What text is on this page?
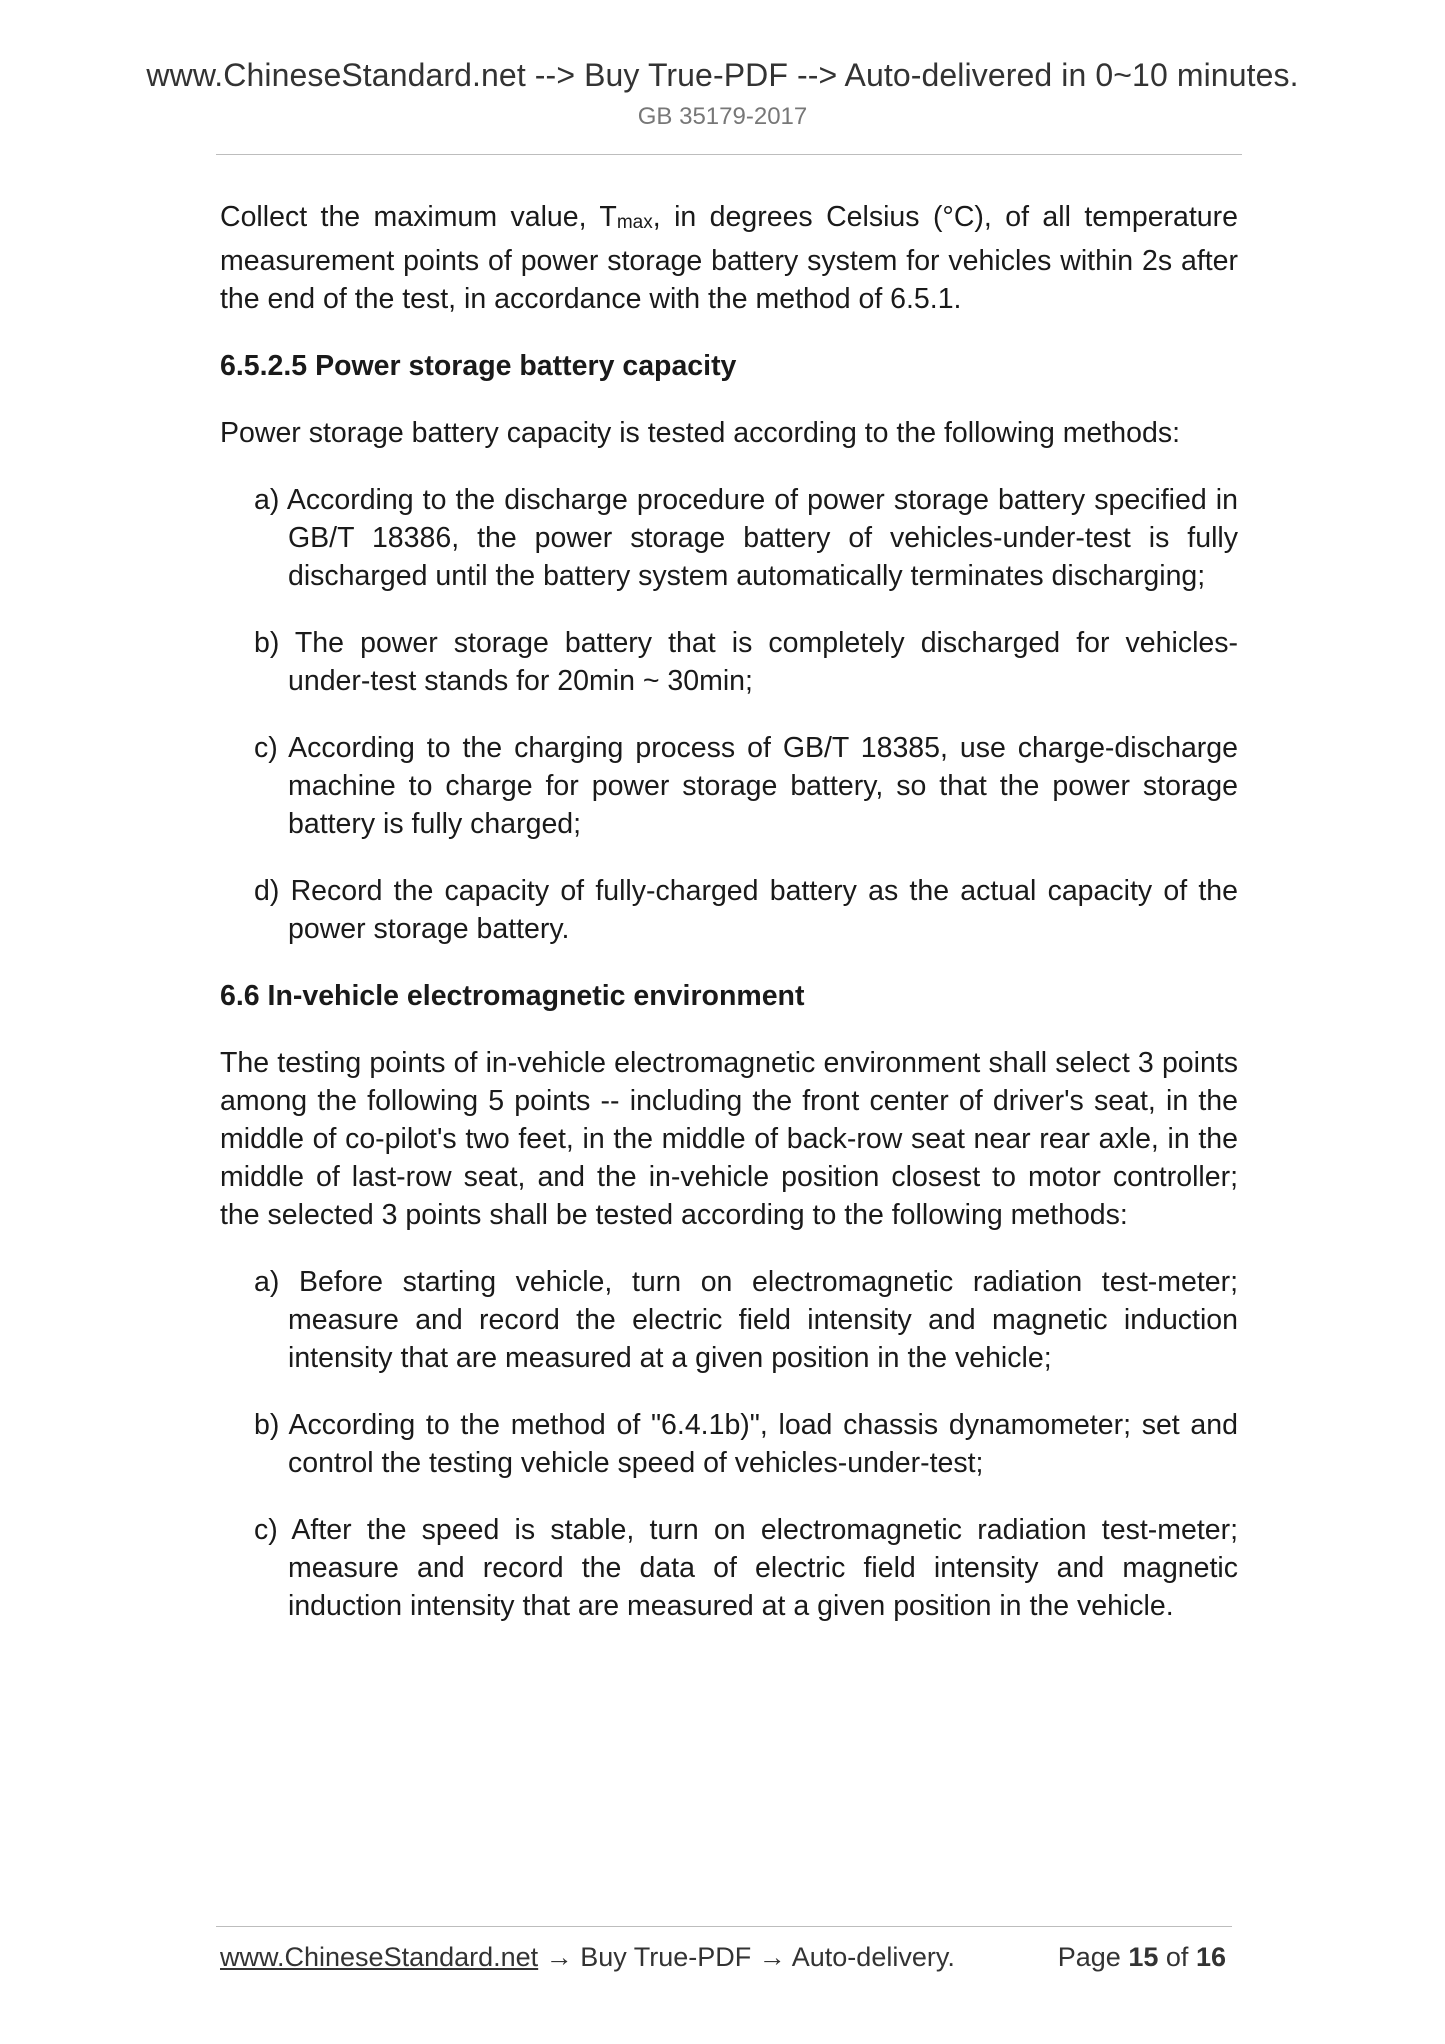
www.ChineseStandard.net --> Buy True-PDF --> Auto-delivered in 0~10 minutes.
GB 35179-2017

Collect the maximum value, $T_{max}$, in degrees Celsius (°C), of all temperature measurement points of power storage battery system for vehicles within 2s after the end of the test, in accordance with the method of 6.5.1.

6.5.2.5 Power storage battery capacity

Power storage battery capacity is tested according to the following methods:

a) According to the discharge procedure of power storage battery specified in GB/T 18386, the power storage battery of vehicles-under-test is fully discharged until the battery system automatically terminates discharging;

b) The power storage battery that is completely discharged for vehicles-under-test stands for 20min ~ 30min;

c) According to the charging process of GB/T 18385, use charge-discharge machine to charge for power storage battery, so that the power storage battery is fully charged;

d) Record the capacity of fully-charged battery as the actual capacity of the power storage battery.

6.6 In-vehicle electromagnetic environment

The testing points of in-vehicle electromagnetic environment shall select 3 points among the following 5 points -- including the front center of driver's seat, in the middle of co-pilot's two feet, in the middle of back-row seat near rear axle, in the middle of last-row seat, and the in-vehicle position closest to motor controller; the selected 3 points shall be tested according to the following methods:

a) Before starting vehicle, turn on electromagnetic radiation test-meter; measure and record the electric field intensity and magnetic induction intensity that are measured at a given position in the vehicle;

b) According to the method of "6.4.1b)", load chassis dynamometer; set and control the testing vehicle speed of vehicles-under-test;

c) After the speed is stable, turn on electromagnetic radiation test-meter; measure and record the data of electric field intensity and magnetic induction intensity that are measured at a given position in the vehicle.

www.ChineseStandard.net → Buy True-PDF → Auto-delivery.	Page 15 of 16
